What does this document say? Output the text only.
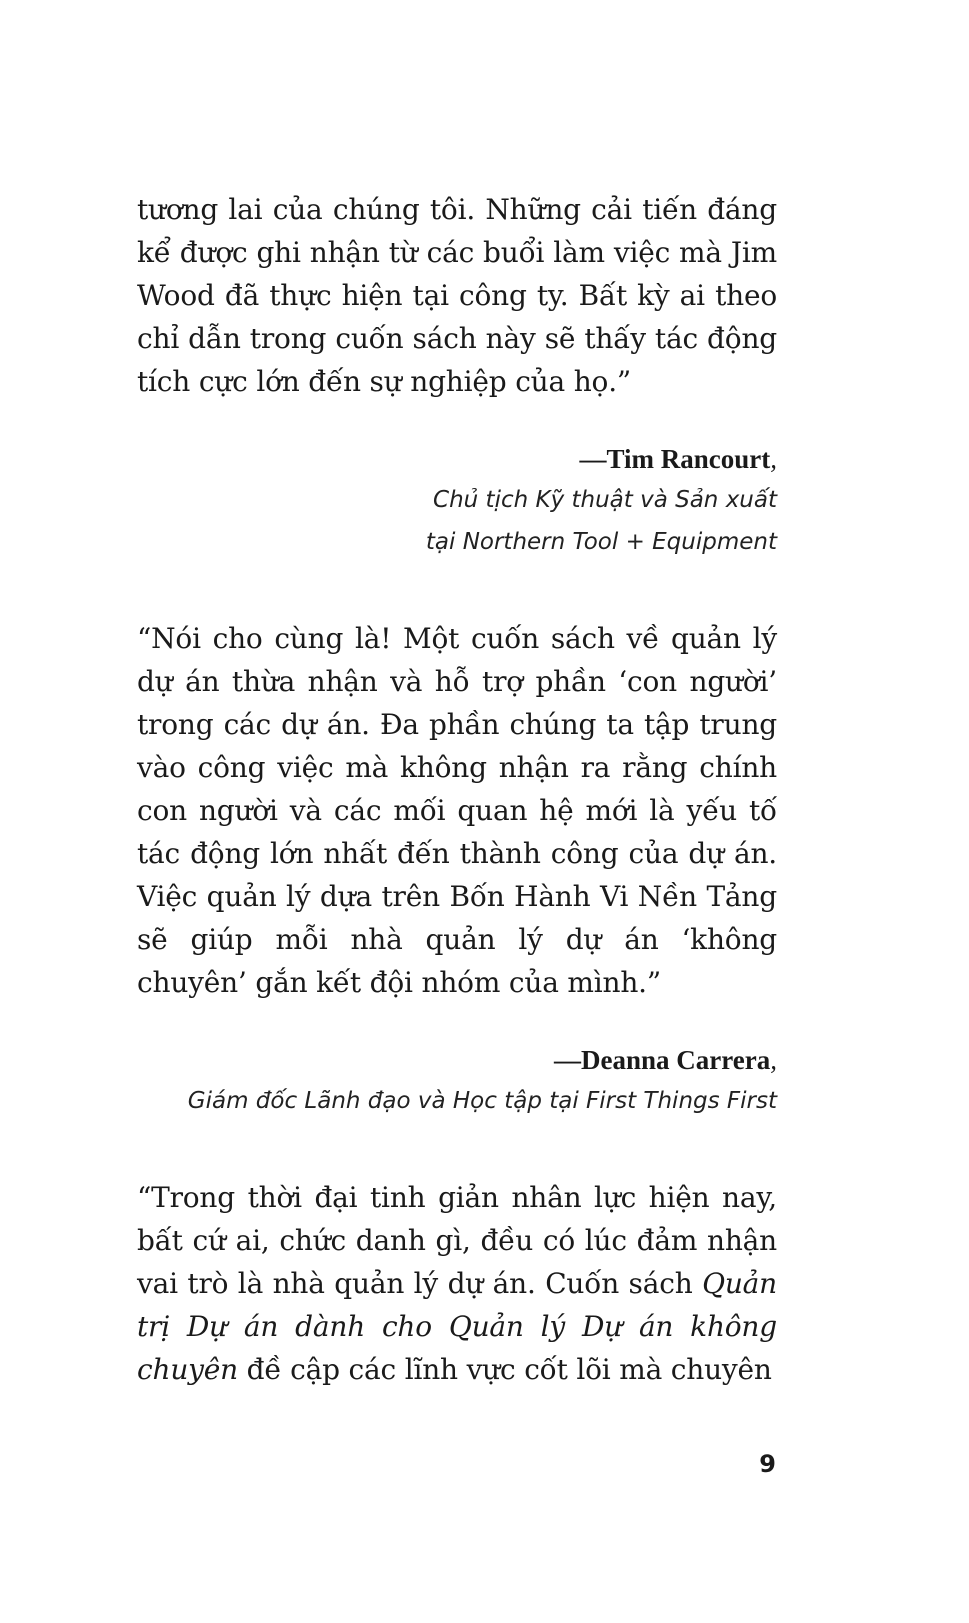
tương lai của chúng tôi. Những cải tiến đáng kể được ghi nhận từ các buổi làm việc mà Jim Wood đã thực hiện tại công ty. Bất kỳ ai theo chỉ dẫn trong cuốn sách này sẽ thấy tác động tích cực lớn đến sự nghiệp của họ.”

—Tim Rancourt,

Chủ tịch Kỹ thuật và Sản xuất

tại Northern Tool + Equipment

“Nói cho cùng là! Một cuốn sách về quản lý dự án thừa nhận và hỗ trợ phần ‘con người’ trong các dự án. Đa phần chúng ta tập trung vào công việc mà không nhận ra rằng chính con người và các mối quan hệ mới là yếu tố tác động lớn nhất đến thành công của dự án. Việc quản lý dựa trên Bốn Hành Vi Nền Tảng sẽ giúp mỗi nhà quản lý dự án ‘không chuyên’ gắn kết đội nhóm của mình.”

—Deanna Carrera,

Giám đốc Lãnh đạo và Học tập tại First Things First

“Trong thời đại tinh giản nhân lực hiện nay, bất cứ ai, chức danh gì, đều có lúc đảm nhận vai trò là nhà quản lý dự án. Cuốn sách Quản trị Dự án dành cho Quản lý Dự án không chuyên đề cập các lĩnh vực cốt lõi mà chuyên

9
